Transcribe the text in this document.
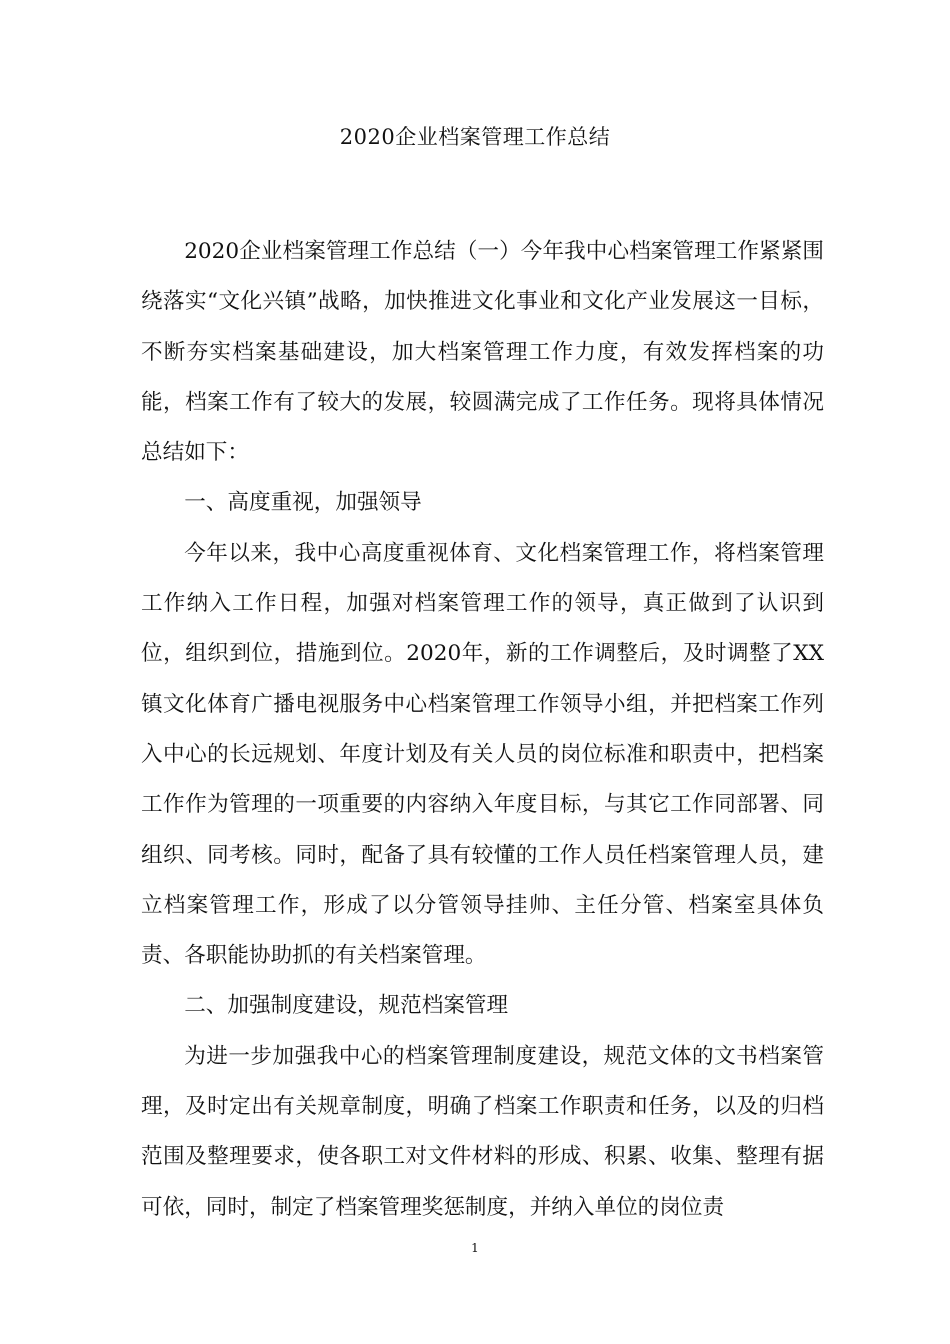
2020企业档案管理工作总结

2020企业档案管理工作总结（一）今年我中心档案管理工作紧紧围绕落实“文化兴镇”战略，加快推进文化事业和文化产业发展这一目标，不断夯实档案基础建设，加大档案管理工作力度，有效发挥档案的功能，档案工作有了较大的发展，较圆满完成了工作任务。现将具体情况总结如下：

一、高度重视，加强领导

今年以来，我中心高度重视体育、文化档案管理工作，将档案管理工作纳入工作日程，加强对档案管理工作的领导，真正做到了认识到位，组织到位，措施到位。2020年，新的工作调整后，及时调整了XX镇文化体育广播电视服务中心档案管理工作领导小组，并把档案工作列入中心的长远规划、年度计划及有关人员的岗位标准和职责中，把档案工作作为管理的一项重要的内容纳入年度目标，与其它工作同部署、同组织、同考核。同时，配备了具有较懂的工作人员任档案管理人员，建立档案管理工作，形成了以分管领导挂帅、主任分管、档案室具体负责、各职能协助抓的有关档案管理。

二、加强制度建设，规范档案管理

为进一步加强我中心的档案管理制度建设，规范文体的文书档案管理，及时定出有关规章制度，明确了档案工作职责和任务，以及的归档范围及整理要求，使各职工对文件材料的形成、积累、收集、整理有据可依，同时，制定了档案管理奖惩制度，并纳入单位的岗位责

1
